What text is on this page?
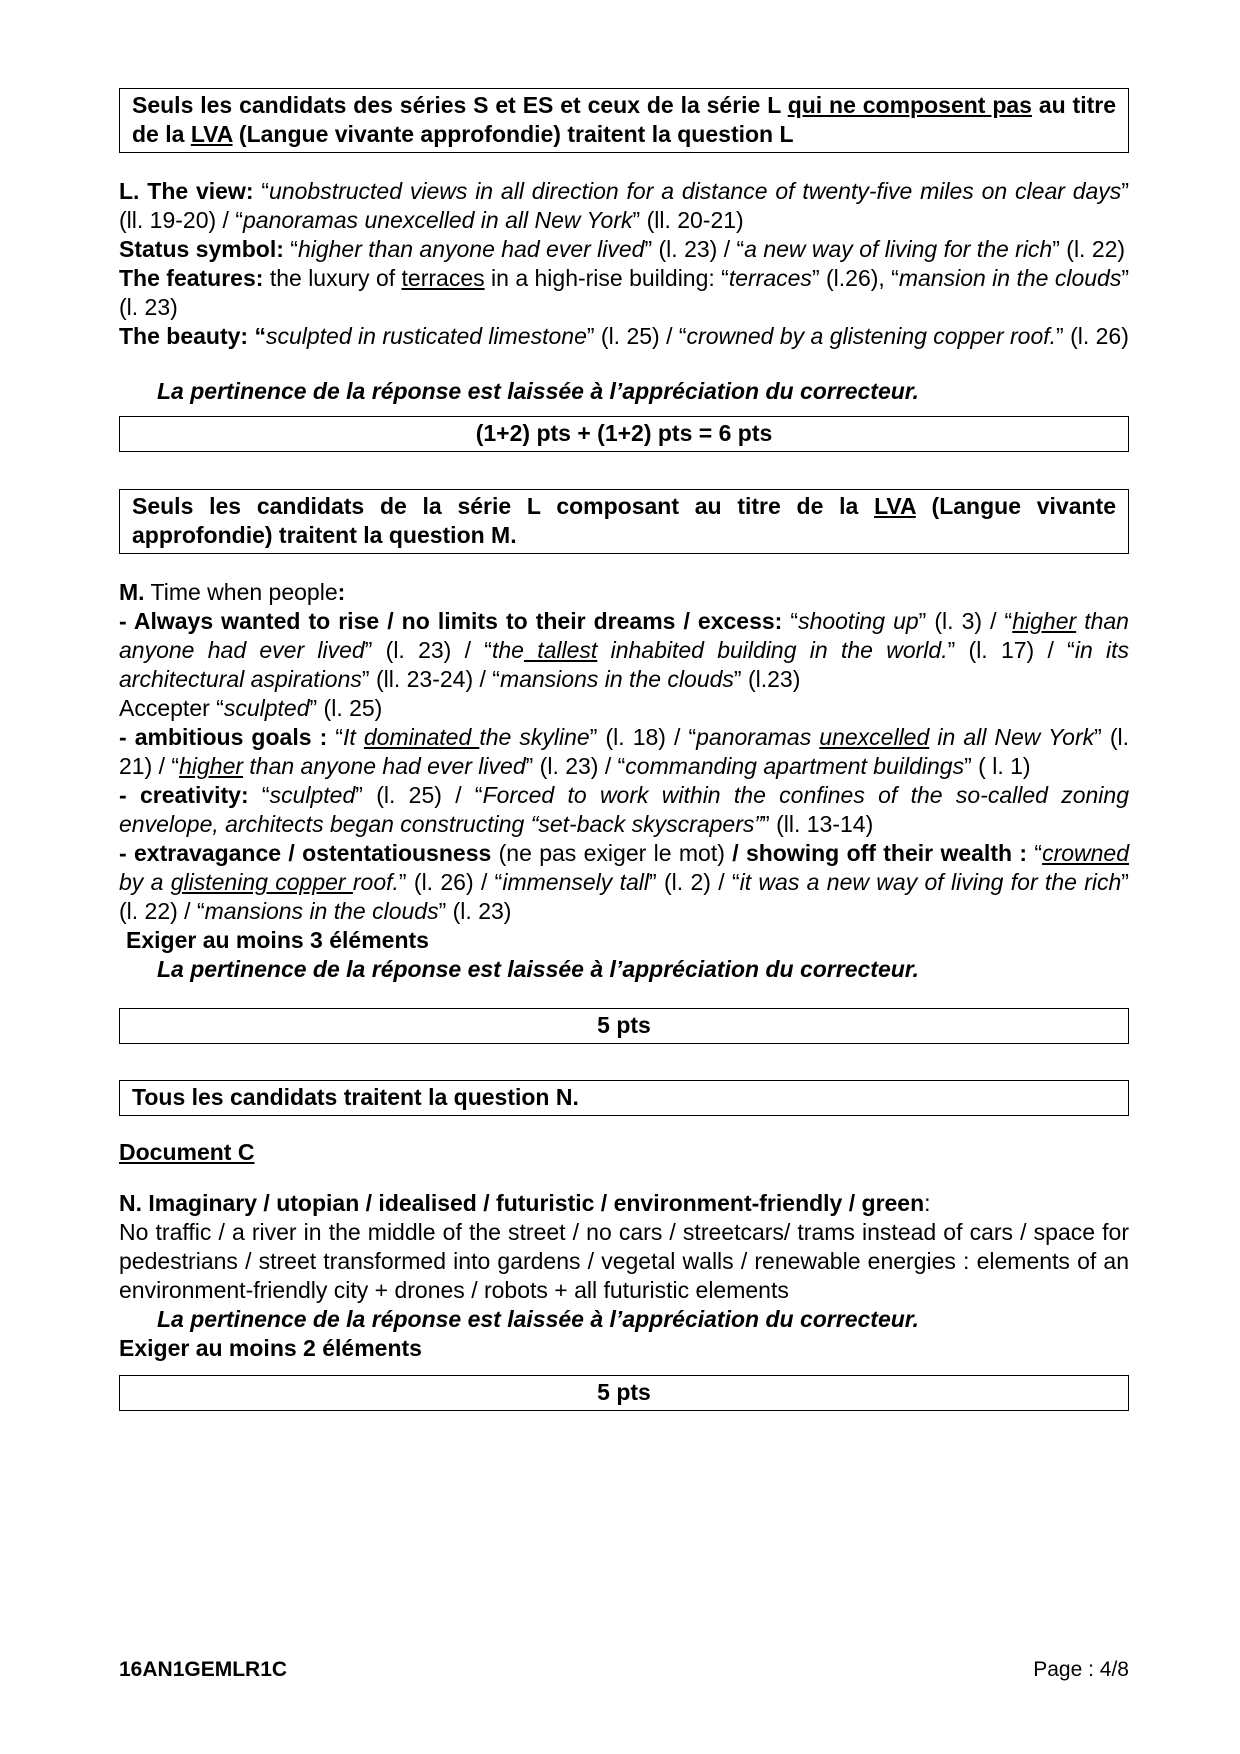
Seuls les candidats des séries S et ES et ceux de la série L qui ne composent pas au titre de la LVA (Langue vivante approfondie) traitent la question L

L. The view: “unobstructed views in all direction for a distance of twenty-five miles on clear days” (ll. 19-20) / “panoramas unexcelled in all New York” (ll. 20-21)

Status symbol: “higher than anyone had ever lived” (l. 23) / “a new way of living for the rich” (l. 22)

The features: the luxury of terraces in a high-rise building: “terraces” (l.26), “mansion in the clouds” (l. 23)

The beauty: “sculpted in rusticated limestone” (l. 25) / “crowned by a glistening copper roof.” (l. 26)

La pertinence de la réponse est laissée à l’appréciation du correcteur.

(1+2) pts + (1+2) pts = 6 pts
Seuls les candidats de la série L composant au titre de la LVA (Langue vivante approfondie) traitent la question M.

M. Time when people:

- Always wanted to rise / no limits to their dreams / excess: “shooting up” (l. 3) / “higher than anyone had ever lived” (l. 23) / “the tallest inhabited building in the world.” (l. 17) / “in its architectural aspirations” (ll. 23-24) / “mansions in the clouds” (l.23)

Accepter “sculpted” (l. 25)

- ambitious goals : “It dominated the skyline” (l. 18) / “panoramas unexcelled in all New York” (l. 21) / “higher than anyone had ever lived” (l. 23) / “commanding apartment buildings” ( l. 1)

- creativity: “sculpted” (l. 25) / “Forced to work within the confines of the so-called zoning envelope, architects began constructing “set-back skyscrapers”” (ll. 13-14)

- extravagance / ostentatiousness (ne pas exiger le mot) / showing off their wealth : “crowned by a glistening copper roof.” (l. 26) / “immensely tall” (l. 2) / “it was a new way of living for the rich” (l. 22) / “mansions in the clouds” (l. 23)

Exiger au moins 3 éléments

La pertinence de la réponse est laissée à l’appréciation du correcteur.

5 pts
Tous les candidats traitent la question N.

Document C

N. Imaginary / utopian / idealised / futuristic / environment-friendly / green:

No traffic / a river in the middle of the street / no cars / streetcars/ trams instead of cars / space for pedestrians / street transformed into gardens / vegetal walls / renewable energies : elements of an environment-friendly city + drones / robots + all futuristic elements

La pertinence de la réponse est laissée à l’appréciation du correcteur.

Exiger au moins 2 éléments

5 pts
16AN1GEMLR1C	Page : 4/8
